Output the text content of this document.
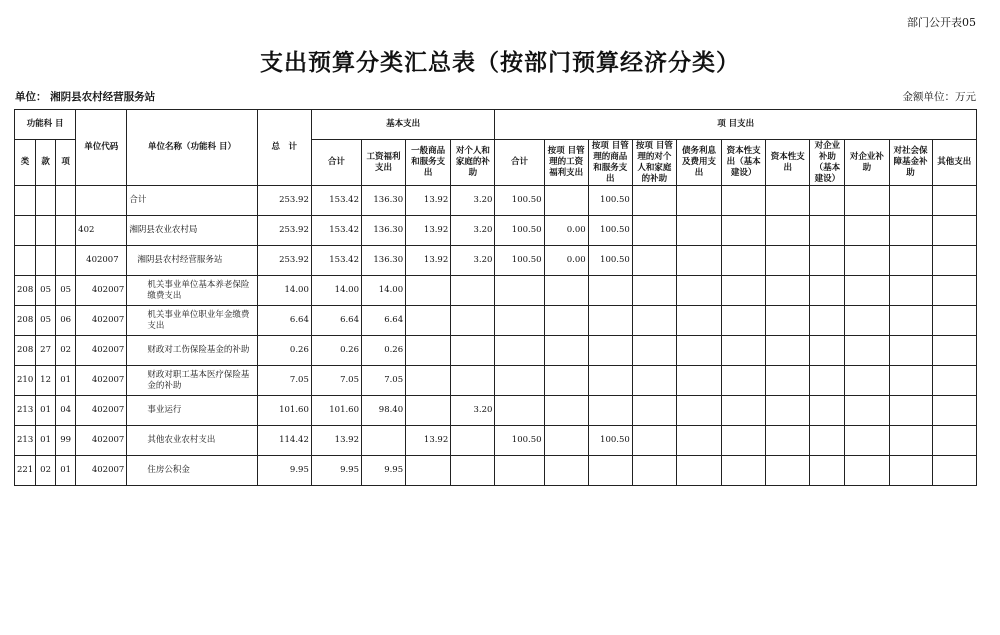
部门公开表05
支出预算分类汇总表（按部门预算经济分类）
单位： 湘阴县农村经营服务站	金额单位：万元
功能科 目			单位代码	单位名称（功能科 目）	总　计	基本支出				项 目支出										
类	款	项				合计	工资福利支出	一般商品和服务支出	对个人和家庭的补助	合计	按项 目管理的工资福利支出	按项 目管理的商品和服务支出	按项 目管理的对个人和家庭的补助	债务利息及费用支出	资本性支出（基本建设）	资本性支出	对企业补助（基本建设）	对企业补助	对社会保障基金补助	其他支出
				合计	253.92	153.42	136.30	13.92	3.20	100.50		100.50								
			402	湘阴县农业农村局	253.92	153.42	136.30	13.92	3.20	100.50	0.00	100.50								
			402007	湘阴县农村经营服务站	253.92	153.42	136.30	13.92	3.20	100.50	0.00	100.50								
208	05	05	402007	机关事业单位基本养老保险缴费支出	14.00	14.00	14.00													
208	05	06	402007	机关事业单位职业年金缴费支出	6.64	6.64	6.64													
208	27	02	402007	财政对工伤保险基金的补助	0.26	0.26	0.26													
210	12	01	402007	财政对职工基本医疗保险基金的补助	7.05	7.05	7.05													
213	01	04	402007	事业运行	101.60	101.60	98.40		3.20											
213	01	99	402007	其他农业农村支出	114.42	13.92		13.92		100.50		100.50								
221	02	01	402007	住房公积金	9.95	9.95	9.95													
